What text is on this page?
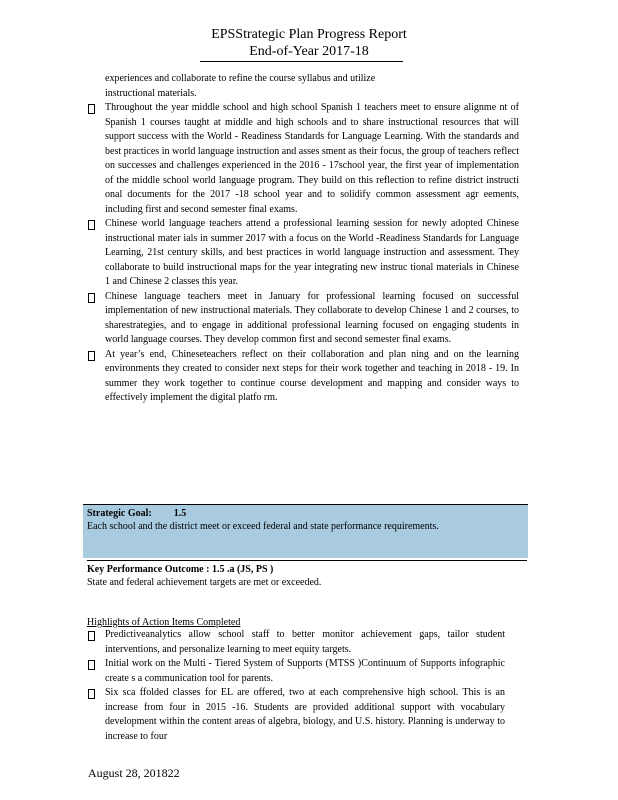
EPSStrategic Plan Progress Report
End-of-Year 2017-18

experiences and collaborate to refine the course syllabus and utilize

instructional materials.

Throughout the year middle school and high school Spanish 1 teachers meet to ensure alignme nt of Spanish 1 courses taught at middle and high schools and to share instructional resources that will support success with the World - Readiness Standards for Language Learning. With the standards and best practices in world language instruction and asses sment as their focus, the group of teachers reflect on successes and challenges experienced in the 2016 - 17school year, the first year of implementation of the middle school world language program. They build on this reflection to refine district instructi onal documents for the 2017 -18 school year and to solidify common assessment agr eements, including first and second semester final exams.
Chinese world language teachers attend a professional learning session for newly adopted Chinese instructional mater ials in summer 2017 with a focus on the World -Readiness Standards for Language Learning, 21st century skills, and best practices in world language instruction and assessment. They collaborate to build instructional maps for the year integrating new instruc tional materials in Chinese 1 and Chinese 2 classes this year.
Chinese language teachers meet in January for professional learning focused on successful implementation of new instructional materials. They collaborate to develop Chinese 1 and 2 courses, to sharestrategies, and to engage in additional professional learning focused on engaging students in world language courses. They develop common first and second semester final exams.
At year’s end, Chineseteachers reflect on their collaboration and plan ning and on the learning environments they created to consider next steps for their work together and teaching in 2018 - 19. In summer they work together to continue course development and mapping and consider ways to effectively implement the digital platfo rm.
Strategic Goal: 1.5
Each school and the district meet or exceed federal and state performance requirements.
Key Performance Outcome : 1.5 .a (JS, PS )
State and federal achievement targets are met or exceeded.
Highlights of Action Items Completed
Predictiveanalytics allow school staff to better monitor achievement gaps, tailor student interventions, and personalize learning to meet equity targets.
Initial work on the Multi - Tiered System of Supports (MTSS )Continuum of Supports infographic create s a communication tool for parents.
Six sca ffolded classes for EL are offered, two at each comprehensive high school. This is an increase from four in 2015 -16. Students are provided additional support with vocabulary development within the content areas of algebra, biology, and U.S. history. Planning is underway to increase to four
August 28, 201822
